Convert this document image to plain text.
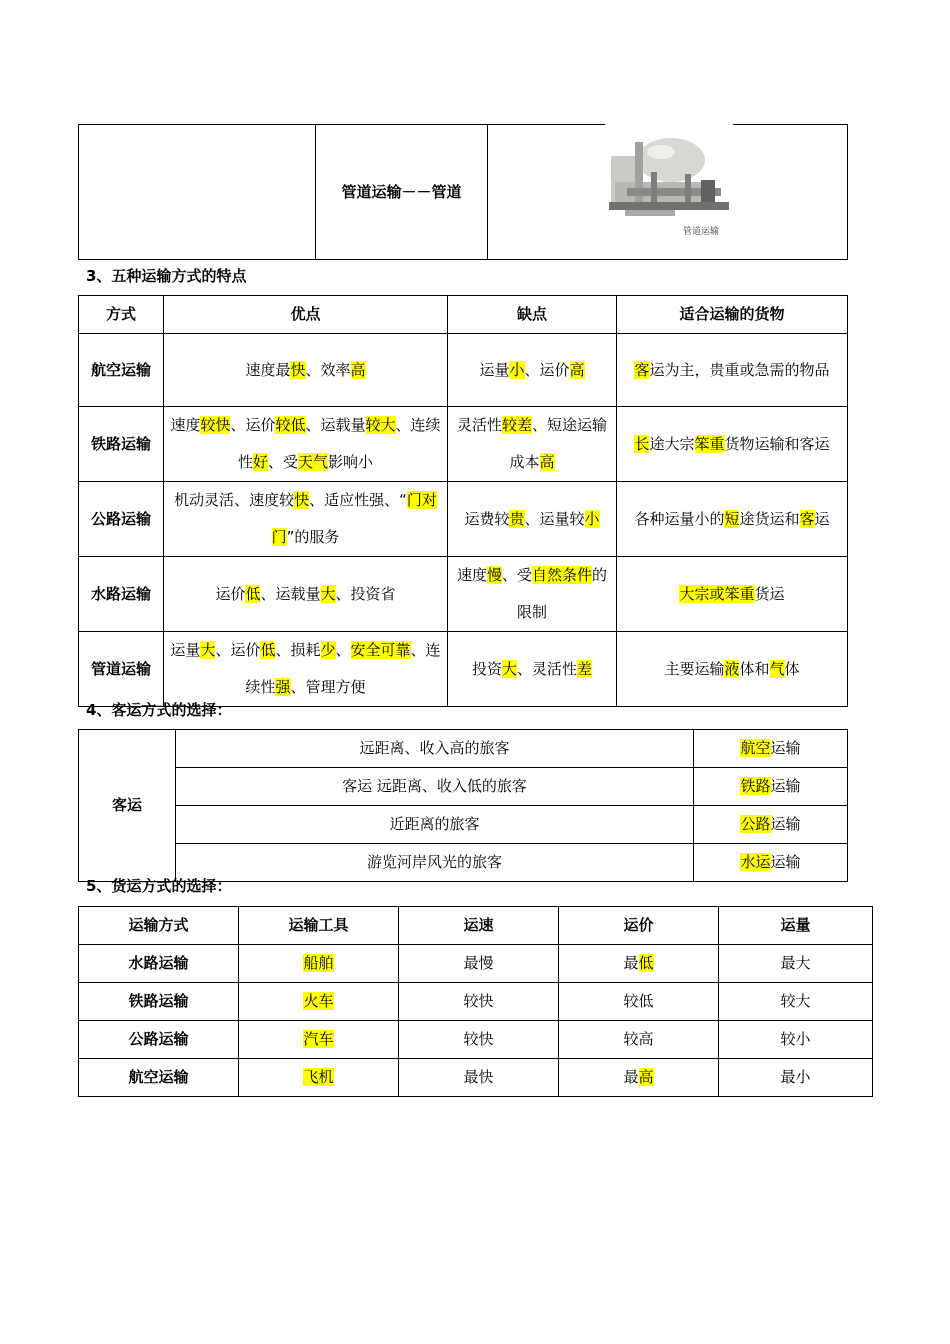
	管道运输－－管道	
管道运输
3、五种运输方式的特点
方式	优点	缺点	适合运输的货物
航空运输	速度最快、效率高	运量小、运价高	客运为主，贵重或急需的物品
铁路运输	速度较快、运价较低、运载量较大、连续性好、受天气影响小	灵活性较差、短途运输成本高	长途大宗笨重货物运输和客运
公路运输	机动灵活、速度较快、适应性强、“门对门”的服务	运费较贵、运量较小	各种运量小的短途货运和客运
水路运输	运价低、运载量大、投资省	速度慢、受自然条件的限制	大宗或笨重货运
管道运输	运量大、运价低、损耗少、安全可靠、连续性强、管理方便	投资大、灵活性差	主要运输液体和气体
4、客运方式的选择：
客运	远距离、收入高的旅客	航空运输
	客运 远距离、收入低的旅客	铁路运输
	近距离的旅客	公路运输
	游览河岸风光的旅客	水运运输
5、货运方式的选择：
运输方式	运输工具	运速	运价	运量
水路运输	船舶	最慢	最低	最大
铁路运输	火车	较快	较低	较大
公路运输	汽车	较快	较高	较小
航空运输	飞机	最快	最高	最小
